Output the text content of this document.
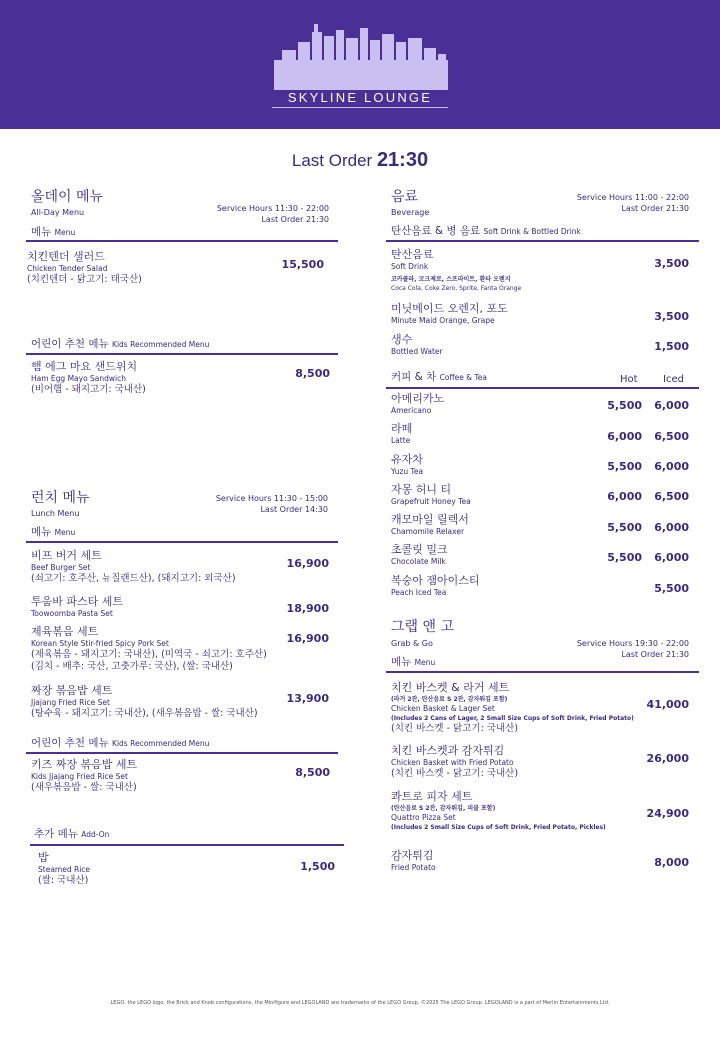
SKYLINE LOUNGE
Last Order 21:30
올데이 메뉴
All-Day Menu	Service Hours 11:30 - 22:00
Last Order 21:30
메뉴 Menu
치킨텐더 샐러드
Chicken Tender Salad
(치킨텐더 - 닭고기: 태국산)
15,500
어린이 추천 메뉴 Kids Recommended Menu
햄 에그 마요 샌드위치
Ham Egg Mayo Sandwich
(비어햄 - 돼지고기: 국내산)
8,500
런치 메뉴
Lunch Menu
Service Hours 11:30 - 15:00
Last Order 14:30
메뉴 Menu
비프 버거 세트
Beef Burger Set
(쇠고기: 호주산, 뉴질랜드산), (돼지고기: 외국산)
16,900
투움바 파스타 세트
Toowoomba Pasta Set	18,900
제육볶음 세트
Korean Style Stir-fried Spicy Pork Set
(제육볶음 - 돼지고기: 국내산), (미역국 - 쇠고기: 호주산)
(김치 - 배추: 국산, 고춧가루: 국산), (쌀: 국내산)
16,900
짜장 볶음밥 세트
Jjajang Fried Rice Set
(탕수육 - 돼지고기: 국내산), (새우볶음밥 - 쌀: 국내산)
13,900
어린이 추천 메뉴 Kids Recommended Menu
키즈 짜장 볶음밥 세트
Kids Jjajang Fried Rice Set
(새우볶음밥 - 쌀: 국내산)
8,500
추가 메뉴 Add-On
밥
Steamed Rice
(쌀: 국내산)
1,500
음료
Beverage
Service Hours 11:00 - 22:00
Last Order 21:30
탄산음료 & 병 음료 Soft Drink & Bottled Drink
탄산음료
Soft Drink
코카콜라, 코크제로, 스프라이트, 환타 오렌지
Coca Cola, Coke Zero, Sprite, Fanta Orange
3,500
미닛메이드 오렌지, 포도
Minute Maid Orange, Grape	3,500
생수
Bottled Water	1,500
커피 & 차 Coffee & Tea	Hot	Iced
아메리카노
Americano	5,500	6,000
라떼
Latte	6,000	6,500
유자차
Yuzu Tea	5,500	6,000
자몽 허니 티
Grapefruit Honey Tea	6,000	6,500
캐모마일 릴렉서
Chamomile Relaxer	5,500	6,000
초콜릿 밀크
Chocolate Milk	5,500	6,000
복숭아 잼아이스티
Peach Iced Tea	5,500
그랩 앤 고
Grab & Go	Service Hours 19:30 - 22:00
Last Order 21:30
메뉴 Menu
치킨 바스켓 & 라거 세트
(라거 2잔, 탄산음료 S 2잔, 감자튀김 포함)
Chicken Basket & Lager Set
(Includes 2 Cans of Lager, 2 Small Size Cups of Soft Drink, Fried Potato)
(치킨 바스켓 - 닭고기: 국내산)
41,000
치킨 바스켓과 감자튀김
Chicken Basket with Fried Potato
(치킨 바스켓 - 닭고기: 국내산)
26,000
콰트로 피자 세트
(탄산음료 S 2잔, 감자튀김, 피클 포함)
Quattro Pizza Set
(Includes 2 Small Size Cups of Soft Drink, Fried Potato, Pickles)
24,900
감자튀김
Fried Potato	8,000
LEGO, the LEGO logo, the Brick and Knob configurations, the Minifigure and LEGOLAND are trademarks of the LEGO Group. ©2025 The LEGO Group. LEGOLAND is a part of Merlin Entertainments Ltd.
